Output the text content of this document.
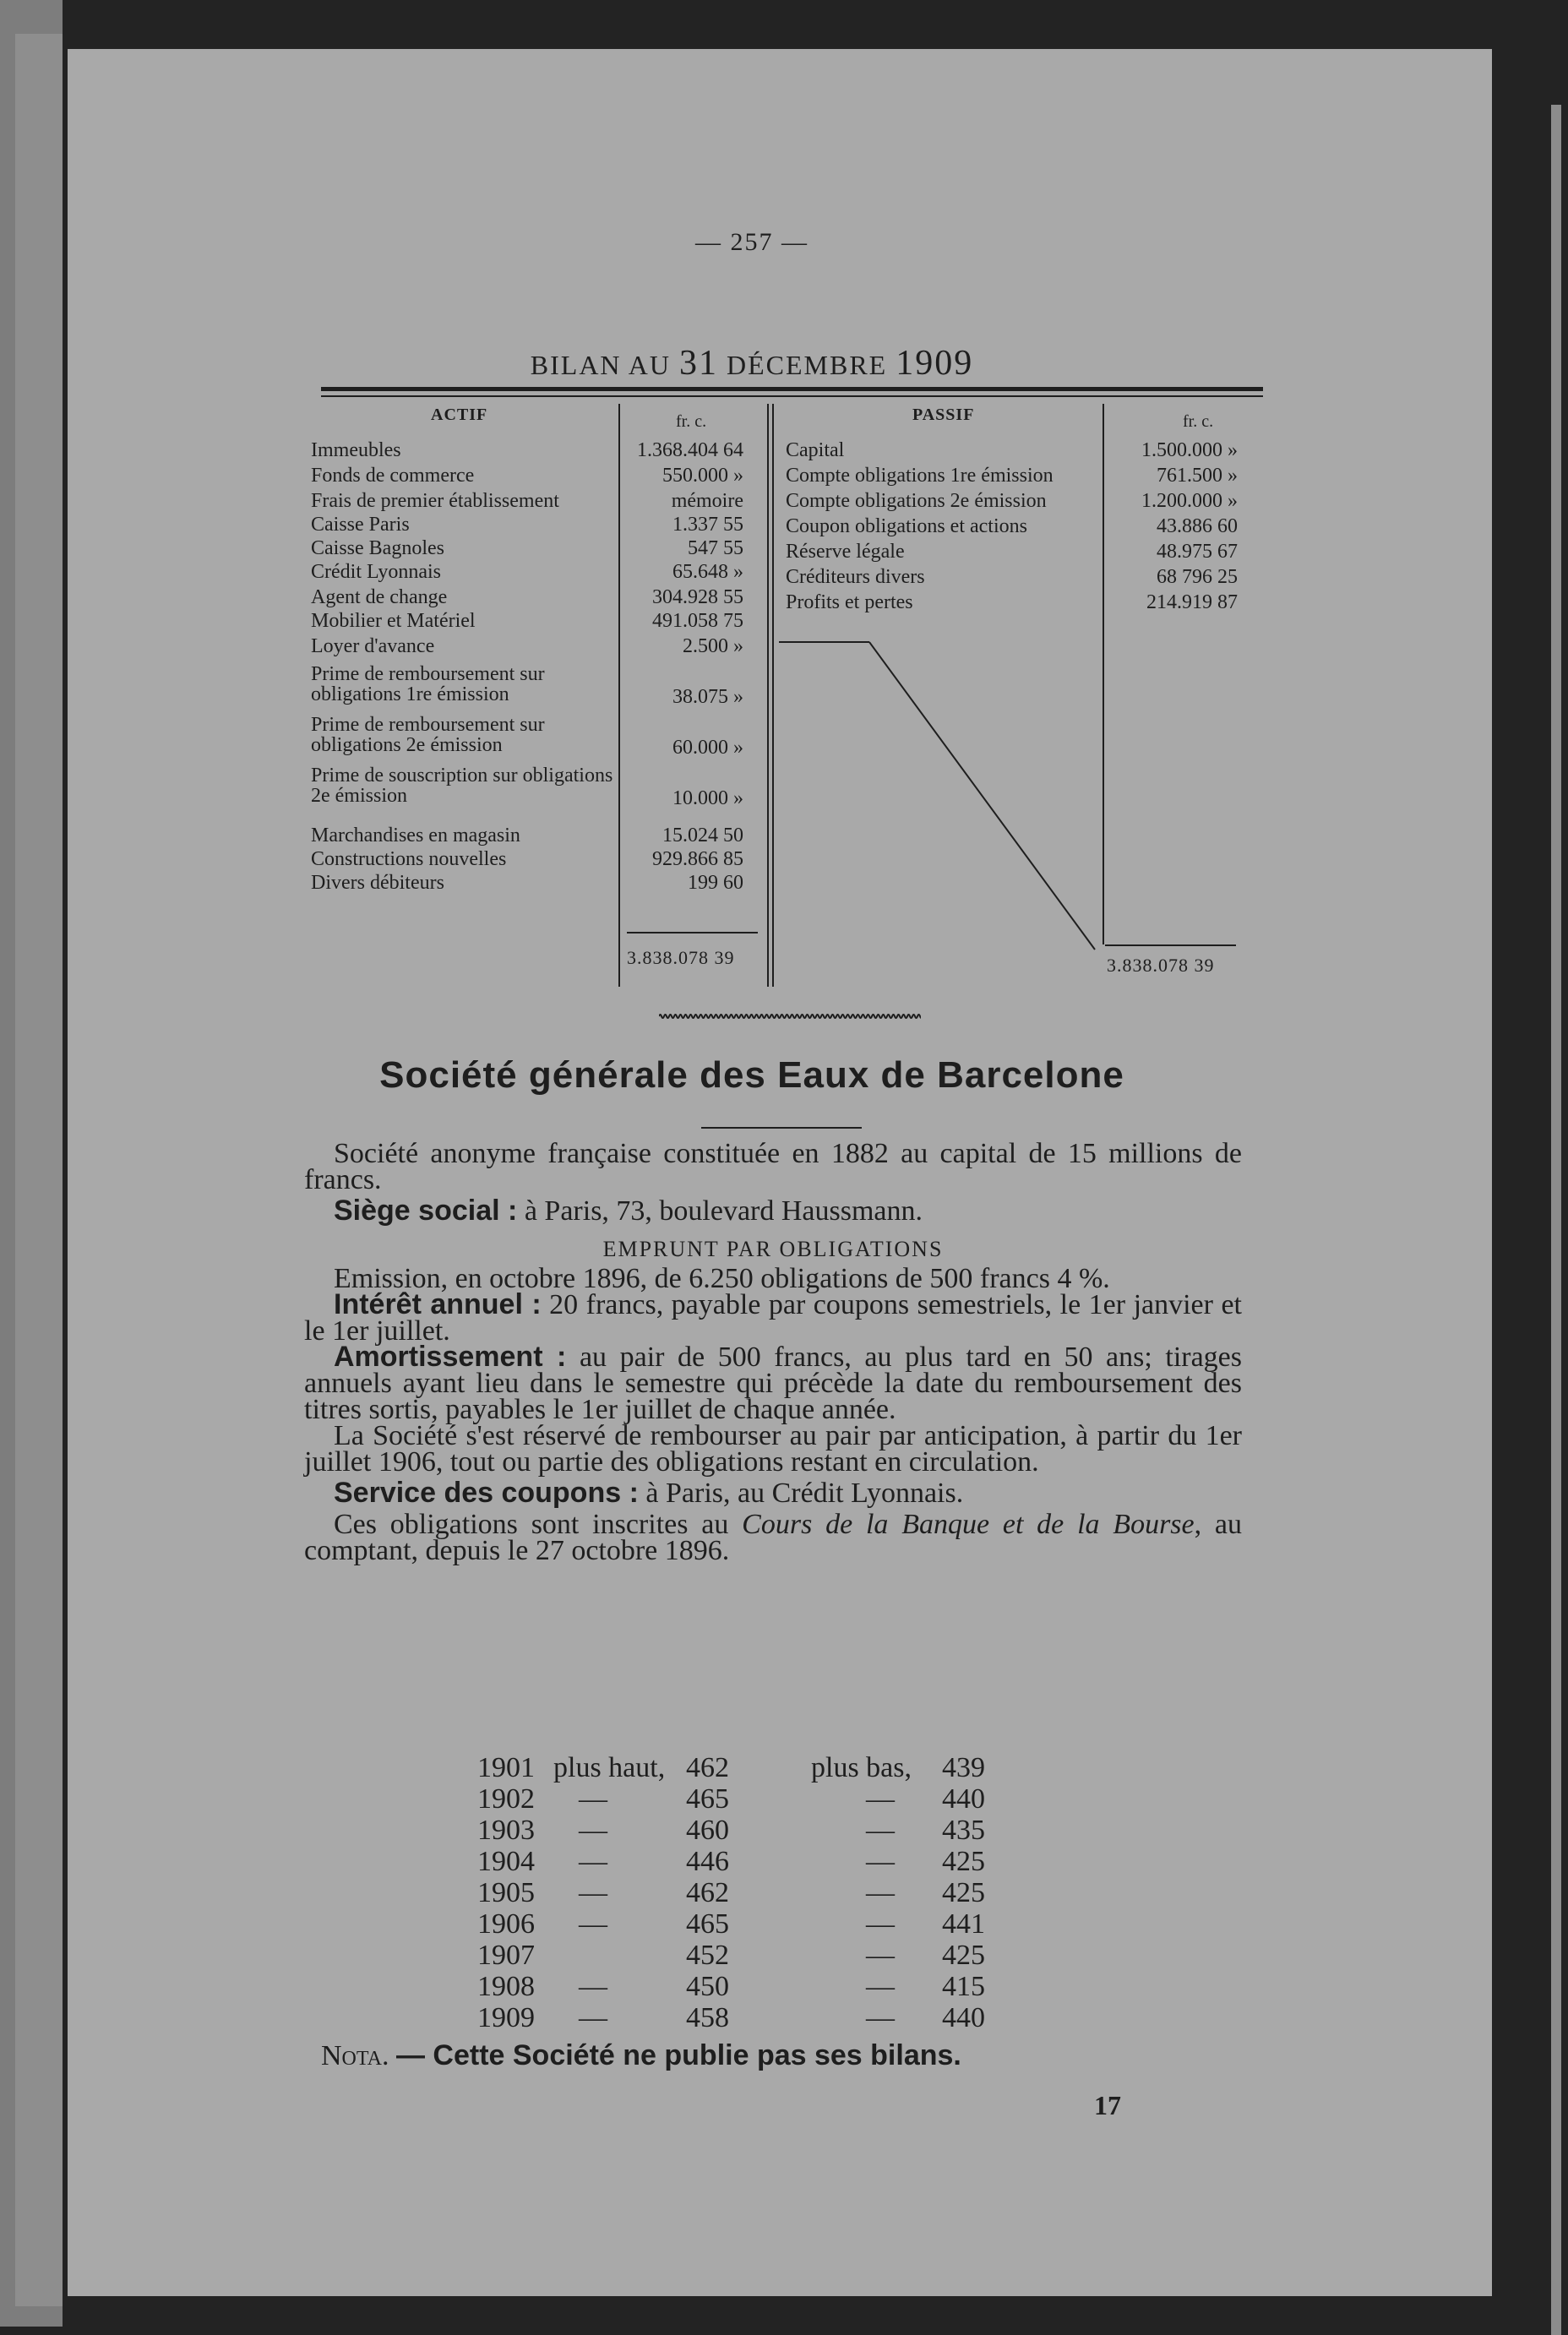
— 257 —
BILAN AU 31 DÉCEMBRE 1909
ACTIF	fr. c.	PASSIF	fr. c.
Immeubles	1.368.404 64
Fonds de commerce	550.000 »
Frais de premier établissement	mémoire
Caisse Paris	1.337 55
Caisse Bagnoles	547 55
Crédit Lyonnais	65.648 »
Agent de change	304.928 55
Mobilier et Matériel	491.058 75
Loyer d'avance	2.500 »
Prime de remboursement sur obligations 1re émission	38.075 »
Prime de remboursement sur obligations 2e émission	60.000 »
Prime de souscription sur obligations 2e émission	10.000 »
Marchandises en magasin	15.024 50
Constructions nouvelles	929.866 85
Divers débiteurs	199 60
Capital	1.500.000 »
Compte obligations 1re émission	761.500 »
Compte obligations 2e émission	1.200.000 »
Coupon obligations et actions	43.886 60
Réserve légale	48.975 67
Créditeurs divers	68 796 25
Profits et pertes	214.919 87
3.838.078 39	3.838.078 39
Société générale des Eaux de Barcelone

Société anonyme française constituée en 1882 au capital de 15 millions de francs.

Siège social : à Paris, 73, boulevard Haussmann.

EMPRUNT PAR OBLIGATIONS

Emission, en octobre 1896, de 6.250 obligations de 500 francs 4 %.

Intérêt annuel : 20 francs, payable par coupons semestriels, le 1er janvier et le 1er juillet.

Amortissement : au pair de 500 francs, au plus tard en 50 ans; tirages annuels ayant lieu dans le semestre qui précède la date du remboursement des titres sortis, payables le 1er juillet de chaque année.

La Société s'est réservé de rembourser au pair par anticipation, à partir du 1er juillet 1906, tout ou partie des obligations restant en circulation.

Service des coupons : à Paris, au Crédit Lyonnais.

Ces obligations sont inscrites au Cours de la Banque et de la Bourse, au comptant, depuis le 27 octobre 1896.

1901 plus haut, 462	plus bas, 439
1902 —	465	— 440
1903 —	460	— 435
1904 —	446	— 425
1905 —	462	— 425
1906 —	465	— 441
1907	452	— 425
1908 —	450	— 415
1909 —	458	— 440
Nota. — Cette Société ne publie pas ses bilans.
17
